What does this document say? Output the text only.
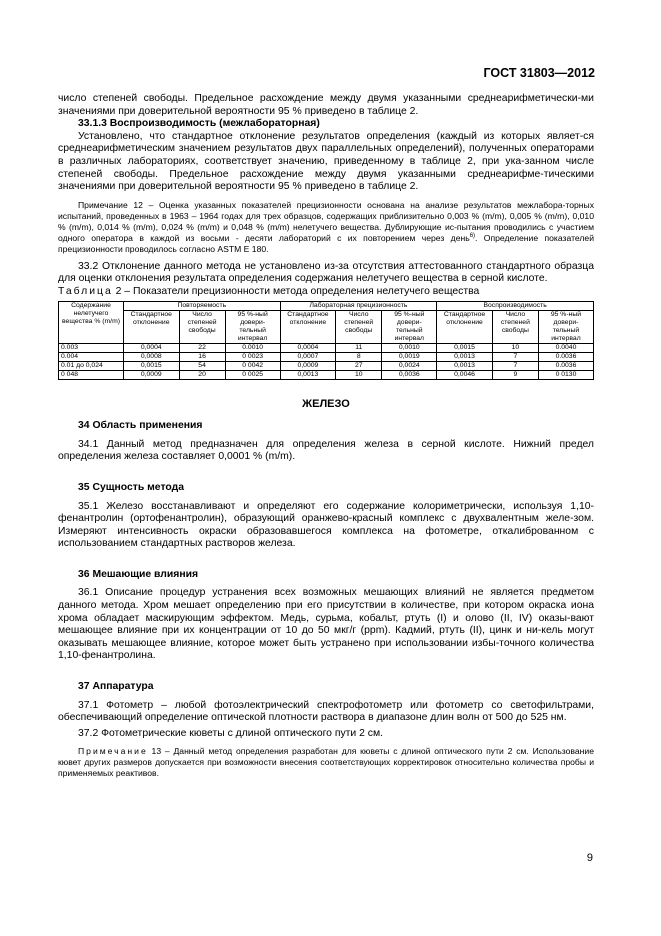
ГОСТ 31803—2012

число степеней свободы. Предельное расхождение между двумя указанными среднеарифметически-ми значениями при доверительной вероятности 95 % приведено в таблице 2.

33.1.3 Воспроизводимость (межлабораторная)

Установлено, что стандартное отклонение результатов определения (каждый из которых являет-ся среднеарифметическим значением результатов двух параллельных определений), полученных операторами в различных лабораториях, соответствует значению, приведенному в таблице 2, при ука-занном числе степеней свободы. Предельное расхождение между двумя указанными среднеарифме-тическими значениями при доверительной вероятности 95 % приведено в таблице 2.

Примечание 12 – Оценка указанных показателей прецизионности основана на анализе результатов межлабора-торных испытаний, проведенных в 1963 – 1964 годах для трех образцов, содержащих приблизительно 0,003 % (m/m), 0,005 % (m/m), 0,010 % (m/m), 0,014 % (m/m), 0,024 % (m/m) и 0,048 % (m/m) нелетучего вещества. Дублирующие ис-пытания проводились с участием одного оператора в каждой из восьми - десяти лабораторий с их повторением через день$^{6)}$. Определение показателей прецизионности проводилось согласно ASTM E 180.

33.2 Отклонение данного метода не установлено из-за отсутствия аттестованного стандартного образца для оценки отклонения результата определения содержания нелетучего вещества в серной кислоте.

Таблица 2 – Показатели прецизионности метода определения нелетучего вещества
Содержание нелетучего вещества % (m/m)	Повторяемость			Лабораторная прецизионность			Воспроизводимость		
	Стандартное отклонение	Число степеней свободы	95 %-ный довери-тельный интервал	Стандартное отклонение	Число степеней свободы	95 %-ный довери-тельный интервал	Стандартное отклонение	Число степеней свободы	95 %-ный довери-тельный интервал
0.003	0,0004	22	0.0010	0,0004	11	0,0010	0,0015	10	0.0040
0.004	0,0008	16	0 0023	0,0007	8	0,0019	0,0013	7	0.0036
0.01 до 0,024	0,0015	54	0 0042	0,0009	27	0,0024	0,0013	7	0.0036
0 048	0,0009	20	0 0025	0,0013	10	0,0036	0,0046	9	0 0130
ЖЕЛЕЗО

34 Область применения

34.1 Данный метод предназначен для определения железа в серной кислоте. Нижний предел определения железа составляет 0,0001 % (m/m).

35 Сущность метода

35.1 Железо восстанавливают и определяют его содержание колориметрически, используя 1,10-фенантролин (ортофенантролин), образующий оранжево-красный комплекс с двухвалентным желе-зом. Измеряют интенсивность окраски образовавшегося комплекса на фотометре, откалиброванном с использованием стандартных растворов железа.

36 Мешающие влияния

36.1 Описание процедур устранения всех возможных мешающих влияний не является предметом данного метода. Хром мешает определению при его присутствии в количестве, при котором окраска иона хрома обладает маскирующим эффектом. Медь, сурьма, кобальт, ртуть (I) и олово (II, IV) оказы-вают мешающее влияние при их концентрации от 10 до 50 мкг/г (ppm). Кадмий, ртуть (II), цинк и ни-кель могут оказывать мешающее влияние, которое может быть устранено при использовании избы-точного количества 1,10-фенантролина.

37 Аппаратура

37.1 Фотометр – любой фотоэлектрический спектрофотометр или фотометр со светофильтрами, обеспечивающий определение оптической плотности раствора в диапазоне длин волн от 500 до 525 нм.

37.2 Фотометрические кюветы с длиной оптического пути 2 см.

Примечание 13 – Данный метод определения разработан для кюветы с длиной оптического пути 2 см. Использование кювет других размеров допускается при возможности внесения соответствующих корректировок относительно количества пробы и применяемых реактивов.

9
